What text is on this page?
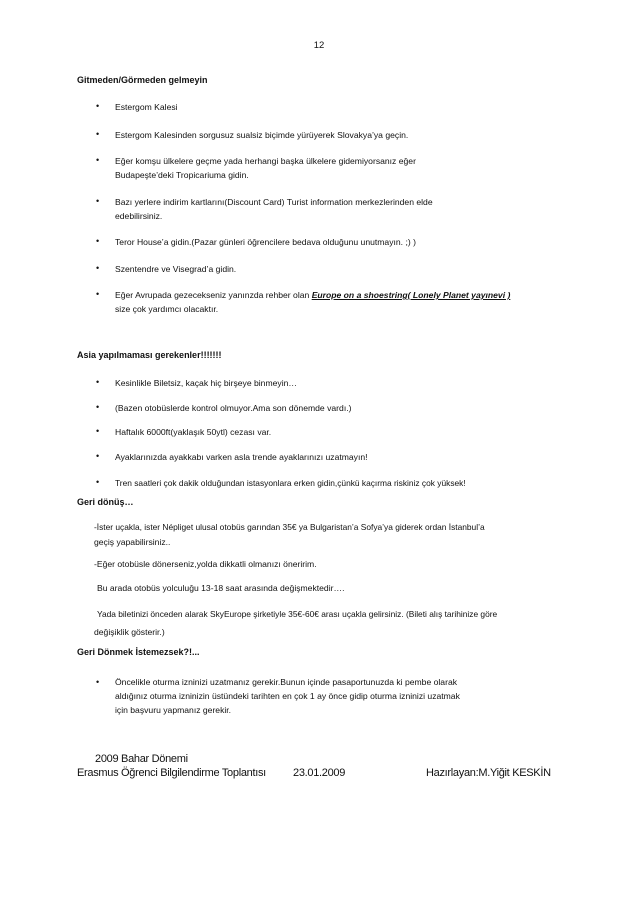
12
Gitmeden/Görmeden gelmeyin
• Estergom Kalesi
• Estergom Kalesinden sorgusuz sualsiz biçimde yürüyerek Slovakya’ya geçin.
• Eğer komşu ülkelere geçme yada herhangi başka ülkelere gidemiyorsanız eğer
Budapeşte’deki Tropicariuma gidin.
• Bazı yerlere indirim kartlarını(Discount Card) Turist information merkezlerinden elde
edebilirsiniz.
• Teror House’a gidin.(Pazar günleri öğrencilere bedava olduğunu unutmayın. ;) )
• Szentendre ve Visegrad’a gidin.
• Eğer Avrupada gezecekseniz yanınzda rehber olan Europe on a shoestring( Lonely Planet yayınevi )
size çok yardımcı olacaktır.
Asia yapılmaması gerekenler!!!!!!!
• Kesinlikle Biletsiz, kaçak hiç birşeye binmeyin…
• (Bazen otobüslerde kontrol olmuyor.Ama son dönemde vardı.)
• Haftalık 6000ft(yaklaşık 50ytl) cezası var.
• Ayaklarınızda ayakkabı varken asla trende ayaklarınızı uzatmayın!
• Tren saatleri çok dakik olduğundan istasyonlara erken gidin,çünkü kaçırma riskiniz çok yüksek!
Geri dönüş…
-İster uçakla, ister Népliget ulusal otobüs garından 35€ ya Bulgaristan’a Sofya’ya giderek ordan İstanbul’a
geçiş yapabilirsiniz..
-Eğer otobüsle dönerseniz,yolda dikkatli olmanızı öneririm.
Bu arada otobüs yolculuğu 13-18 saat arasında değişmektedir….
Yada biletinizi önceden alarak SkyEurope şirketiyle 35€-60€ arası uçakla gelirsiniz. (Bileti alış tarihinize göre
değişiklik gösterir.)
Geri Dönmek İstemezsek?!...
• Öncelikle oturma izninizi uzatmanız gerekir.Bunun içinde pasaportunuzda ki pembe olarak
aldığınız oturma izninizin üstündeki tarihten en çok 1 ay önce gidip oturma izninizi uzatmak
için başvuru yapmanız gerekir.
2009 Bahar Dönemi
Erasmus Öğrenci Bilgilendirme Toplantısı 23.01.2009	Hazırlayan:M.Yiğit KESKİN
